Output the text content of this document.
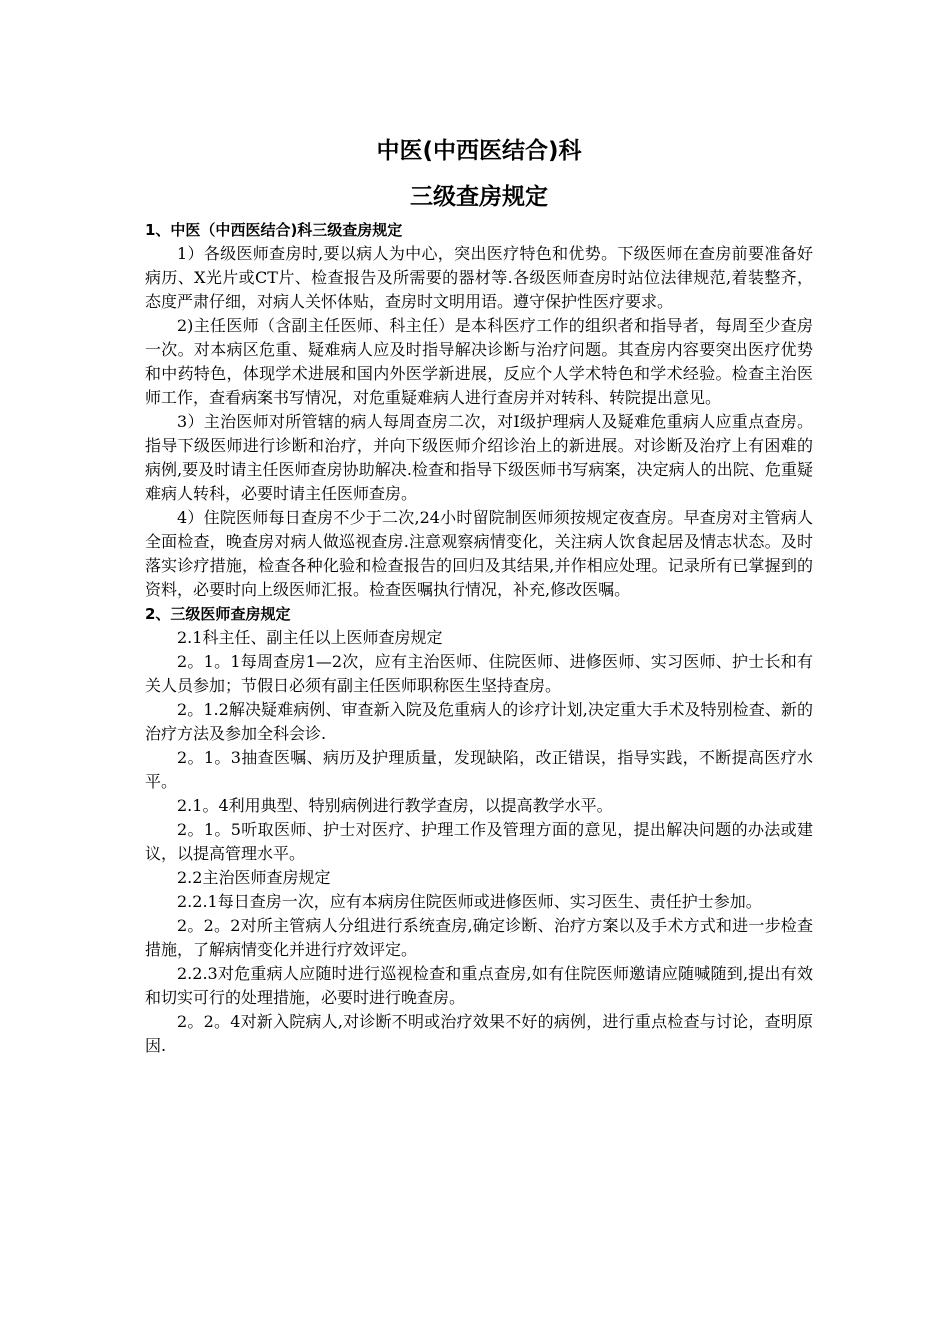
中医(中西医结合)科
三级查房规定

1、中医（中西医结合)科三级查房规定

1）各级医师查房时,要以病人为中心，突出医疗特色和优势。下级医师在查房前要准备好病历、X光片或CT片、检查报告及所需要的器材等.各级医师查房时站位法律规范,着装整齐，态度严肃仔细，对病人关怀体贴，查房时文明用语。遵守保护性医疗要求。

2)主任医师（含副主任医师、科主任）是本科医疗工作的组织者和指导者，每周至少查房一次。对本病区危重、疑难病人应及时指导解决诊断与治疗问题。其查房内容要突出医疗优势和中药特色，体现学术进展和国内外医学新进展，反应个人学术特色和学术经验。检查主治医师工作，查看病案书写情况，对危重疑难病人进行查房并对转科、转院提出意见。

3）主治医师对所管辖的病人每周查房二次，对Ⅰ级护理病人及疑难危重病人应重点查房。指导下级医师进行诊断和治疗，并向下级医师介绍诊治上的新进展。对诊断及治疗上有困难的病例,要及时请主任医师查房协助解决.检查和指导下级医师书写病案，决定病人的出院、危重疑难病人转科，必要时请主任医师查房。

4）住院医师每日查房不少于二次,24小时留院制医师须按规定夜查房。早查房对主管病人全面检查，晚查房对病人做巡视查房.注意观察病情变化，关注病人饮食起居及情志状态。及时落实诊疗措施，检查各种化验和检查报告的回归及其结果,并作相应处理。记录所有已掌握到的资料，必要时向上级医师汇报。检查医嘱执行情况，补充,修改医嘱。

2、三级医师查房规定

2.1科主任、副主任以上医师查房规定

2。1。1每周查房1—2次，应有主治医师、住院医师、进修医师、实习医师、护士长和有关人员参加；节假日必须有副主任医师职称医生坚持查房。

2。1.2解决疑难病例、审查新入院及危重病人的诊疗计划,决定重大手术及特别检查、新的治疗方法及参加全科会诊.

2。1。3抽查医嘱、病历及护理质量，发现缺陷，改正错误，指导实践，不断提高医疗水平。

2.1。4利用典型、特别病例进行教学查房，以提高教学水平。

2。1。5听取医师、护士对医疗、护理工作及管理方面的意见，提出解决问题的办法或建议，以提高管理水平。

2.2主治医师查房规定

2.2.1每日查房一次，应有本病房住院医师或进修医师、实习医生、责任护士参加。

2。2。2对所主管病人分组进行系统查房,确定诊断、治疗方案以及手术方式和进一步检查措施，了解病情变化并进行疗效评定。

2.2.3对危重病人应随时进行巡视检查和重点查房,如有住院医师邀请应随喊随到,提出有效和切实可行的处理措施，必要时进行晚查房。

2。2。4对新入院病人,对诊断不明或治疗效果不好的病例，进行重点检查与讨论，查明原因.
